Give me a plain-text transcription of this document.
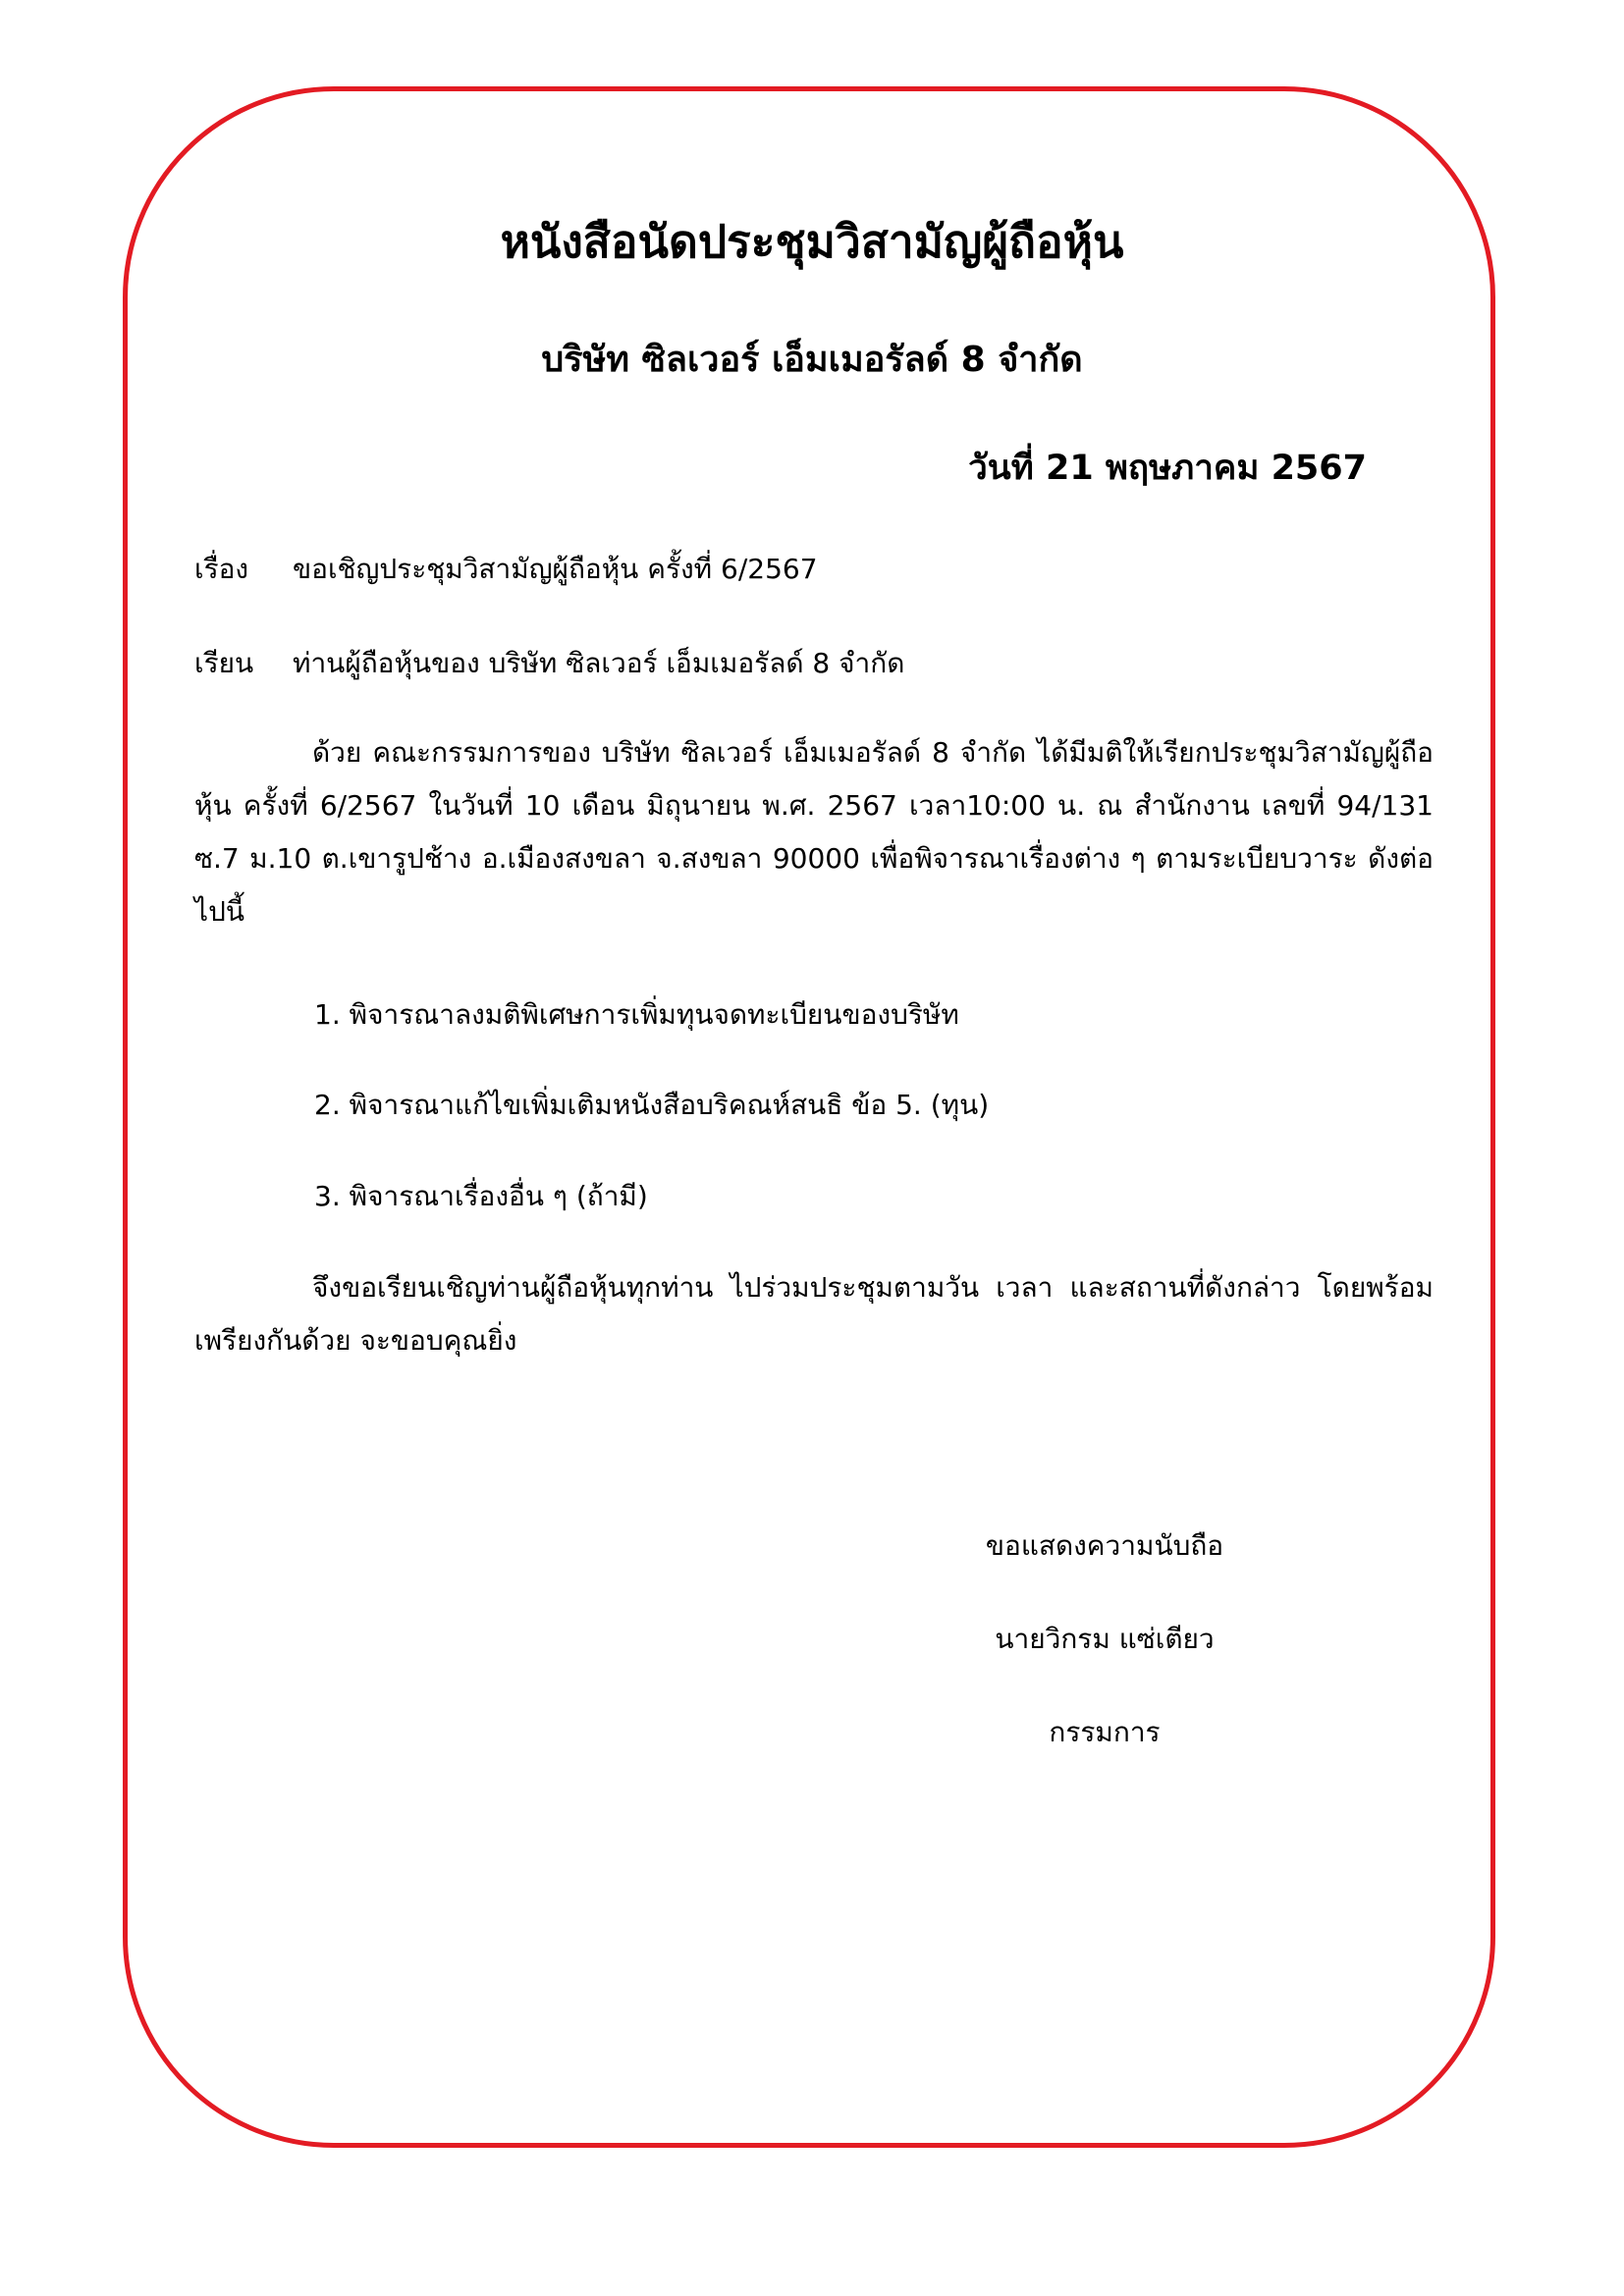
หนังสือนัดประชุมวิสามัญผู้ถือหุ้น
บริษัท ซิลเวอร์ เอ็มเมอรัลด์ 8 จำกัด
วันที่ 21 พฤษภาคม 2567
เรื่อง ขอเชิญประชุมวิสามัญผู้ถือหุ้น ครั้งที่ 6/2567
เรียน ท่านผู้ถือหุ้นของ บริษัท ซิลเวอร์ เอ็มเมอรัลด์ 8 จำกัด
ด้วย คณะกรรมการของ บริษัท ซิลเวอร์ เอ็มเมอรัลด์ 8 จำกัด ได้มีมติให้เรียกประชุมวิสามัญผู้ถือหุ้น ครั้งที่ 6/2567 ในวันที่ 10 เดือน มิถุนายน พ.ศ. 2567 เวลา10:00 น. ณ สำนักงาน เลขที่ 94/131 ซ.7 ม.10 ต.เขารูปช้าง อ.เมืองสงขลา จ.สงขลา 90000 เพื่อพิจารณาเรื่องต่าง ๆ ตามระเบียบวาระ ดังต่อไปนี้
1. พิจารณาลงมติพิเศษการเพิ่มทุนจดทะเบียนของบริษัท
2. พิจารณาแก้ไขเพิ่มเติมหนังสือบริคณห์สนธิ ข้อ 5. (ทุน)
3. พิจารณาเรื่องอื่น ๆ (ถ้ามี)
จึงขอเรียนเชิญท่านผู้ถือหุ้นทุกท่าน ไปร่วมประชุมตามวัน เวลา และสถานที่ดังกล่าว โดยพร้อมเพรียงกันด้วย จะขอบคุณยิ่ง
ขอแสดงความนับถือ
นายวิกรม แซ่เตียว
กรรมการ
